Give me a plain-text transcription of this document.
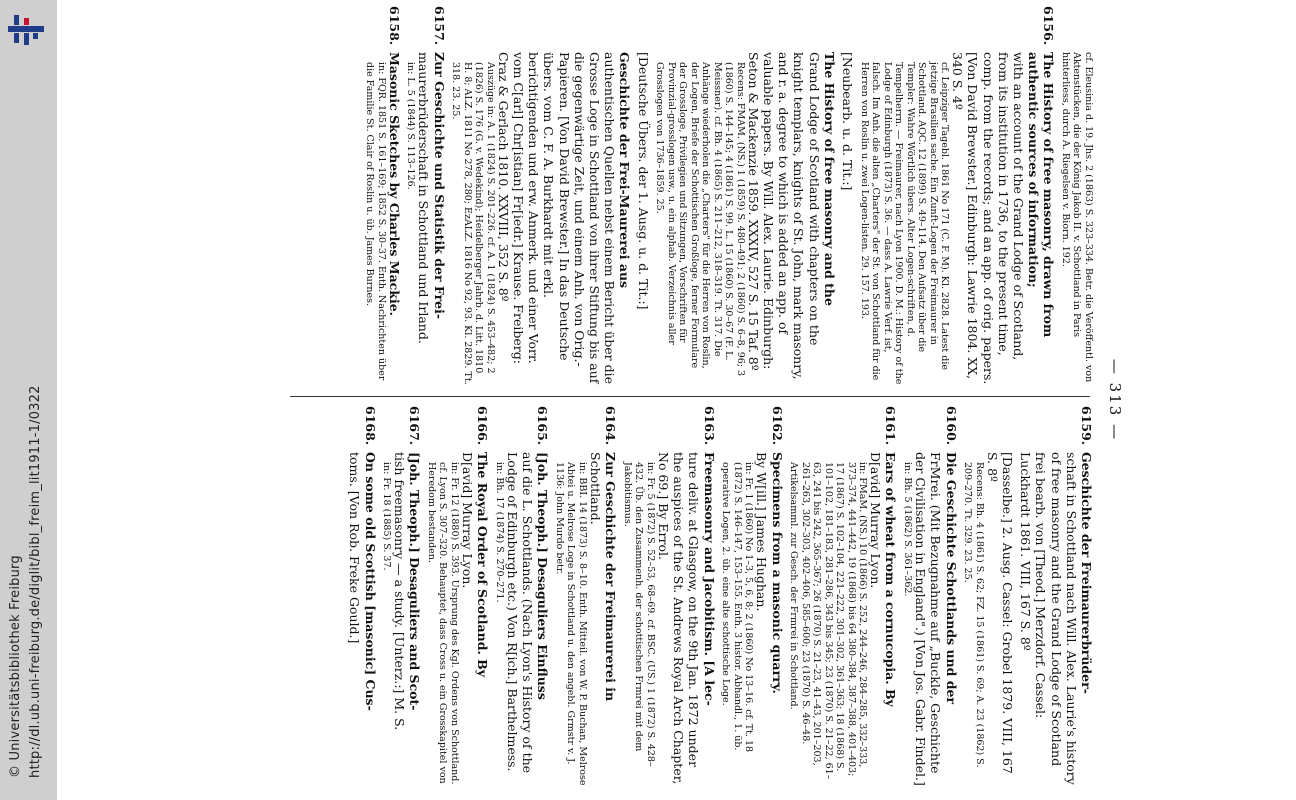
http://dl.ub.uni-freiburg.de/diglit/bibl_freim_lit1911-1/0322
© Universitätsbibliothek Freiburg
— 313 —
cf. Eleusinia d. 19. Jhs. 2 (1863) S. 323–334. Betr. die Veröffentl. von Aktenstücken, die der König Jakob II. v. Schottland in Paris hinterliess, durch A. Riegelsen v. Biorn. 192.
6156.
The History of free masonry, drawn from authentic sources of information;
with an account of the Grand Lodge of Scotland, from its institution in 1736, to the present time, comp. from the records; and an app. of orig. papers. [Von David Brewster.] Edinburgh: Lawrie 1804. XX, 340 S. 4º
cf. Leipziger Tagebl. 1861 No 171 (C. F. M). Kl. 2828. Latest die jetzige Brasilien sache. Ein Zunft-Logen der Freimaurer in Schottland. AQC. 12 (1899) S. 49–114. Den Aufsatz über die Templer: Wahre Wörtlich übers. Alter Logen-schriften, d. Tempelherrn. — Freimaurer, nach Lyon 1900. D. M.: History of the Lodge of Edinburgh (1873) S. 36. — dass A. Lawrie Verf. ist, falsch. Im Anh. die alten „Charters" der St. von Schottland für die Herren von Roslin u. zwei Logen-listen. 29. 157. 193.
[Neubearb. u. d. Tit.:]
The History of free masonry and the
Grand Lodge of Scotland with chapters on the knight templars, knights of St. John, mark masonry, and r. a. degree to which is added an app. of valuable papers. By Will. Alex. Laurie. Edinburgh: Seton & Mackenzie 1859. XXXIV, 527 S. 15 Taf. 8º
Recens: FMAM. (NS.) 1 (1859) S. 480–491; 2 (1860) S. 6–8, 96; 3 (1860) S. 144–145; 4 (1861) S. 99. L. 15 (1860) S. 30–67 (F. L. Meissner). cf. Bh. 4 (1865) S. 211–212, 318–319. Tt. 317. Die Anhänge wiederholen die „Charters" für die Herren von Roslin, der Logen, Briefe der Schottischen Großloge, ferner Formulare der Grossloge, Privilegien und Sitzungen, Vorschriften für Provinzial-grosslogen usw., u. ein alphab. Verzeichnis aller Grosslogen von 1736–1859. 25.
[Deutsche Übers. der 1. Ausg. u. d. Tit.:]
Geschichte der Frei-Maurerei aus
authentischen Quellen nebst einem Bericht über die Grosse Loge in Schottland von ihrer Stiftung bis auf die gegenwärtige Zeit, und einem Anh. von Orig.-Papieren. [Von David Brewster.] In das Deutsche übers. vom C. F. A. Burkhardt mit erkl. berichtigenden und erw. Anmerk. und einer Vorr. vom C[arl] Chr[istian] Fr[iedr.] Krause. Freiberg: Craz & Gerlach 1810. XXVIII, 352 S. 8º
Auszüge in: A. 1 (1824) S. 201–226. cf. A. 1 (1824) S. 453–482; 2 (1826) S. 176 (G. v. Wedekind); Heidelberger Jahrb. d. Litt. 1810 H. 8; ALZ. 1811 No 278, 280; EzALZ. 1816 No 92, 93. Kl. 2829. Tt. 318. 23. 25.
6157.
Zur Geschichte und Statistik der Frei-
maurerbrüderschaft in Schottland und Irland.
in: L. 5 (1844) S. 113–126.
6158.
Masonic Sketches by Charles Mackie.
in: FQR. 1851 S. 161–169; 1852 S. 30–37. Enth. Nachrichten über die Familie St. Clair of Roslin u. üb. James Burnes.
6159.
Geschichte der Freimaurerbrüder-
schaft in Schottland nach Will. Alex. Laurie's history of free masonry and the Grand Lodge of Scotland frei bearb. von [Theod.] Merzdorf. Cassel: Luckhardt 1861. VIII, 167 S. 8º
[Dasselbe.] 2. Ausg. Cassel: Grobel 1879. VIII, 167 S. 8º
Recens: Bh. 4 (1861) S. 62; FZ. 15 (1861) S. 69; A. 23 (1862) S. 209–270. Tt. 329. 23. 25.
6160.
Die Geschichte Schottlands und der
FrMrei. (Mit Bezugnahme auf „Buckle, Geschichte der Civilisation in England".) [Von Jos. Gabr. Findel.]
in: Bh. 5 (1862) S. 361–362.
6161.
Ears of wheat from a cornucopia. By
D[avid] Murray Lyon.
in: FMaM. (NS.) 10 (1866) S. 252, 244–246, 284–285, 332–333, 373–374, 441–442, 19 (1868) bis 64 380–384, 387–388, 401–403; 17 (1867) S. 102–104, 221–222, 301–302, 361–363; 18 (1868) S. 101–102, 181–183, 281–286, 343 bis 345; 23 (1870) S. 21–22, 61–63, 241 bis 242, 365–367; 26 (1870) S. 21–23, 41–43, 201–203, 261–263, 302–303, 402–406, 585–600; 23 (1870) S. 46–48. Artikelsamml. zur Gesch. der Frmrei in Schottland.
6162.
Specimens from a masonic quarry.
By W[ill.] James Hughan.
in: Fr. 1 (1860) No 1–3, 5, 6, 8; 2 (1860) No 13–16. cf. Tt. 18 (1872) S. 146–147, 153–155. Enth. 3 histor. Abhandl., 1. üb. operative Logen, 2. üb. eine alte schottische Loge.
6163.
Freemasonry and Jacobitism. [A lec-
ture deliv. at Glasgow, on the 9th Jan. 1872 under the auspices of the St. Andrews Royal Arch Chapter, No 69.] By Errol.
in: Fr. 5 (1872) S. 52–53, 68–69. cf. BSC. (US.) 1 (1872) S. 428–432. Üb. den Zusammenh. der schottischen Frmrei mit dem Jakobitismus.
6164.
Zur Geschichte der Freimaurerei in
Schottland.
in: BBI. 14 (1873) S. 8–10. Enth. Mitteil. von W. P. Buchan, Melrose Abtei u. Melrose Loge in Schottland u. den angebl. Grmstr v. J. 1136: John Murdo betr.
6165.
[Joh. Theoph.] Desaguliers Einfluss
auf die L. Schottlands. (Nach Lyon's History of the Lodge of Edinburgh etc.) Von R[ich.] Barthelmess.
in: Bh. 17 (1874) S. 270–271.
6166.
The Royal Order of Scotland. By
D[avid] Murray Lyon.
in: Fr. 12 (1880) S. 393. Ursprung des Kgl. Ordens von Schottland. cf. Lyon S. 307–320. Behauptet, dass Cross u. ein Grosskapitel von Heredom bestanden.
6167.
[Joh. Theoph.] Desaguliers and Scot-
tish freemasonry — a study. [Unterz.:] M. S.
in: Fr. 18 (1885) S. 37.
6168.
On some old Scottish [masonic] Cus-
toms. [Von Rob. Freke Gould.]
